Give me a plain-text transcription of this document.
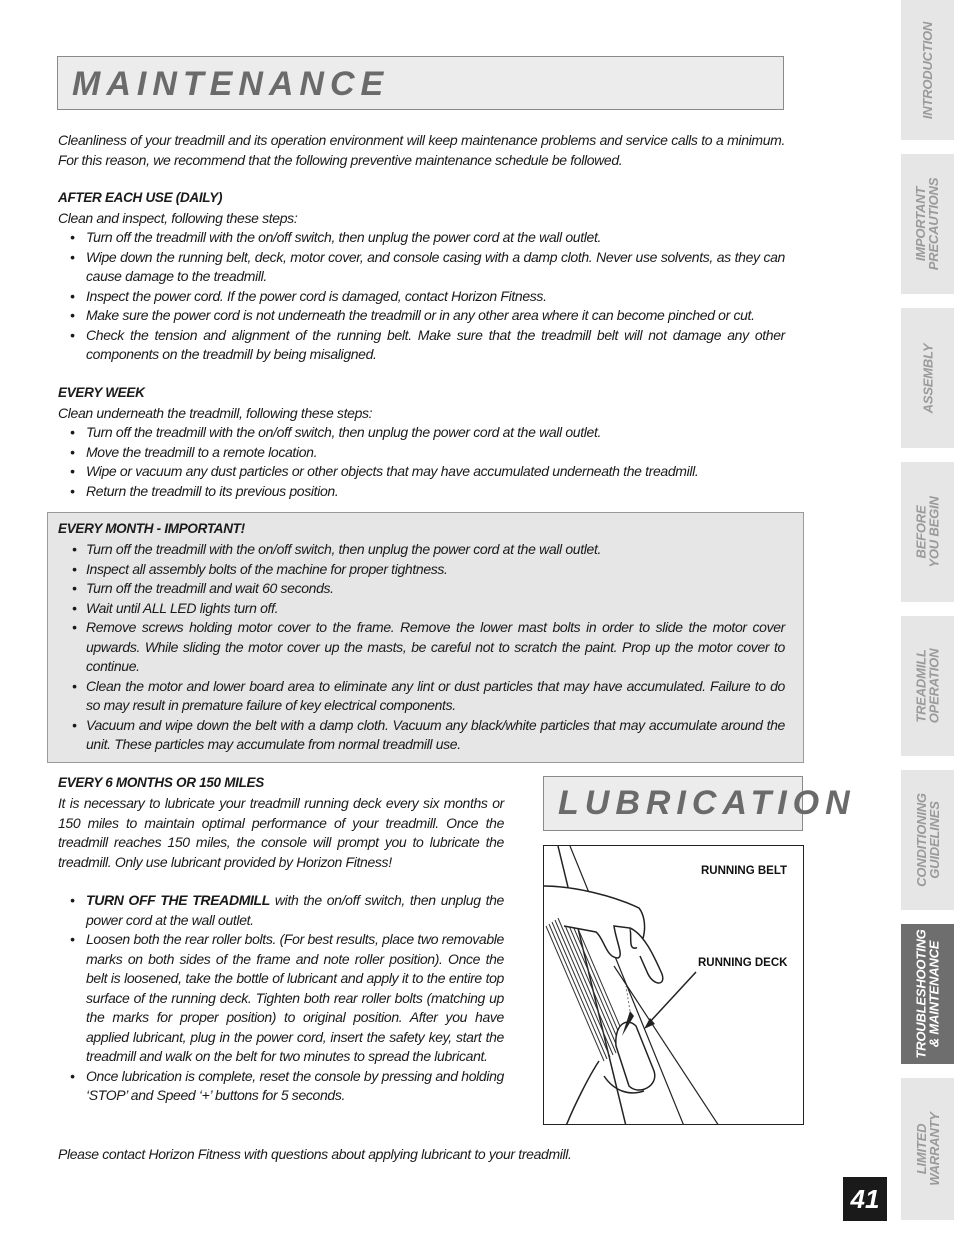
MAINTENANCE
Cleanliness of your treadmill and its operation environment will keep maintenance problems and service calls to a minimum. For this reason, we recommend that the following preventive maintenance schedule be followed.
AFTER EACH USE (DAILY)
Clean and inspect, following these steps:
• Turn off the treadmill with the on/off switch, then unplug the power cord at the wall outlet.
• Wipe down the running belt, deck, motor cover, and console casing with a damp cloth. Never use solvents, as they can cause damage to the treadmill.
• Inspect the power cord. If the power cord is damaged, contact Horizon Fitness.
• Make sure the power cord is not underneath the treadmill or in any other area where it can become pinched or cut.
• Check the tension and alignment of the running belt. Make sure that the treadmill belt will not damage any other components on the treadmill by being misaligned.
EVERY WEEK
Clean underneath the treadmill, following these steps:
• Turn off the treadmill with the on/off switch, then unplug the power cord at the wall outlet.
• Move the treadmill to a remote location.
• Wipe or vacuum any dust particles or other objects that may have accumulated underneath the treadmill.
• Return the treadmill to its previous position.
EVERY MONTH - IMPORTANT!
• Turn off the treadmill with the on/off switch, then unplug the power cord at the wall outlet.
• Inspect all assembly bolts of the machine for proper tightness.
• Turn off the treadmill and wait 60 seconds.
• Wait until ALL LED lights turn off.
• Remove screws holding motor cover to the frame. Remove the lower mast bolts in order to slide the motor cover upwards. While sliding the motor cover up the masts, be careful not to scratch the paint. Prop up the motor cover to continue.
• Clean the motor and lower board area to eliminate any lint or dust particles that may have accumulated. Failure to do so may result in premature failure of key electrical components.
• Vacuum and wipe down the belt with a damp cloth. Vacuum any black/white particles that may accumulate around the unit. These particles may accumulate from normal treadmill use.
EVERY 6 MONTHS OR 150 MILES
It is necessary to lubricate your treadmill running deck every six months or 150 miles to maintain optimal performance of your treadmill. Once the treadmill reaches 150 miles, the console will prompt you to lubricate the treadmill. Only use lubricant provided by Horizon Fitness!
• TURN OFF THE TREADMILL with the on/off switch, then unplug the power cord at the wall outlet.
• Loosen both the rear roller bolts. (For best results, place two removable marks on both sides of the frame and note roller position). Once the belt is loosened, take the bottle of lubricant and apply it to the entire top surface of the running deck. Tighten both rear roller bolts (matching up the marks for proper position) to original position. After you have applied lubricant, plug in the power cord, insert the safety key, start the treadmill and walk on the belt for two minutes to spread the lubricant.
• Once lubrication is complete, reset the console by pressing and holding ‘STOP’ and Speed ‘+’ buttons for 5 seconds.
LUBRICATION
RUNNING BELT
RUNNING DECK
Please contact Horizon Fitness with questions about applying lubricant to your treadmill.
INTRODUCTION
IMPORTANT
PRECAUTIONS
ASSEMBLY
BEFORE
YOU BEGIN
TREADMILL
OPERATION
CONDITIONING
GUIDELINES
TROUBLESHOOTING
& MAINTENANCE
LIMITED
WARRANTY
41
